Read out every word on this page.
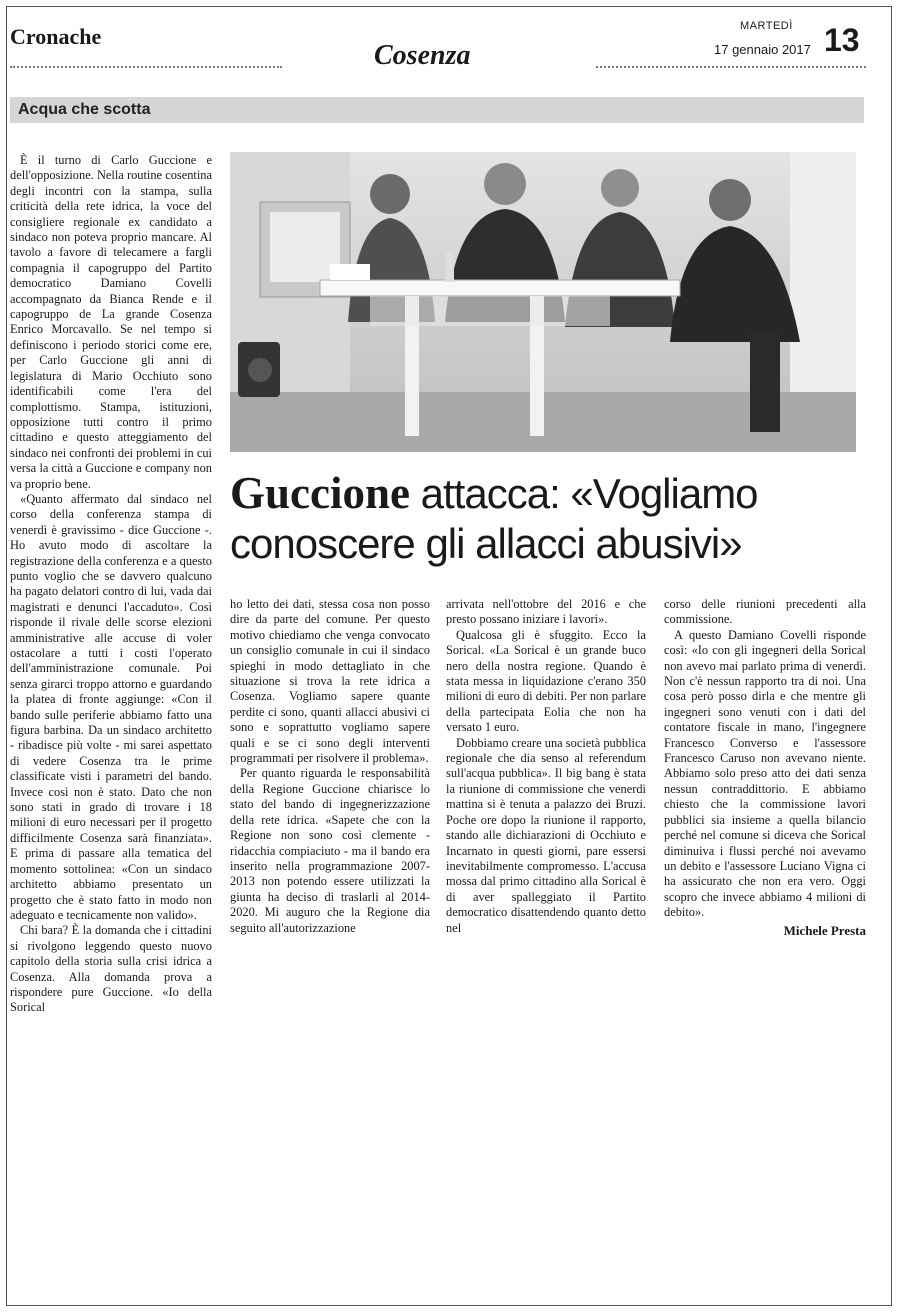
Cronache
Cosenza
MARTEDÌ
17 gennaio 2017 13
Acqua che scotta
Guccione attacca: «Vogliamo conoscere gli allacci abusivi»

È il turno di Carlo Guccione e dell'opposizione. Nella routine cosentina degli incontri con la stampa, sulla criticità della rete idrica, la voce del consigliere regionale ex candidato a sindaco non poteva proprio mancare. Al tavolo a favore di telecamere a fargli compagnia il capogruppo del Partito democratico Damiano Covelli accompagnato da Bianca Rende e il capogruppo de La grande Cosenza Enrico Morcavallo. Se nel tempo si definiscono i periodo storici come ere, per Carlo Guccione gli anni di legislatura di Mario Occhiuto sono identificabili come l'era del complottismo. Stampa, istituzioni, opposizione tutti contro il primo cittadino e questo atteggiamento del sindaco nei confronti dei problemi in cui versa la città a Guccione e company non va proprio bene.

«Quanto affermato dal sindaco nel corso della conferenza stampa di venerdì è gravissimo - dice Guccione -. Ho avuto modo di ascoltare la registrazione della conferenza e a questo punto voglio che se davvero qualcuno ha pagato delatori contro di lui, vada dai magistrati e denunci l'accaduto». Così risponde il rivale delle scorse elezioni amministrative alle accuse di voler ostacolare a tutti i costi l'operato dell'amministrazione comunale. Poi senza girarci troppo attorno e guardando la platea di fronte aggiunge: «Con il bando sulle periferie abbiamo fatto una figura barbina. Da un sindaco architetto - ribadisce più volte - mi sarei aspettato di vedere Cosenza tra le prime classificate visti i parametri del bando. Invece così non è stato. Dato che non sono stati in grado di trovare i 18 milioni di euro necessari per il progetto difficilmente Cosenza sarà finanziata». E prima di passare alla tematica del momento sottolinea: «Con un sindaco architetto abbiamo presentato un progetto che è stato fatto in modo non adeguato e tecnicamente non valido».

Chi bara? È la domanda che i cittadini si rivolgono leggendo questo nuovo capitolo della storia sulla crisi idrica a Cosenza. Alla domanda prova a rispondere pure Guccione. «Io della Sorical

ho letto dei dati, stessa cosa non posso dire da parte del comune. Per questo motivo chiediamo che venga convocato un consiglio comunale in cui il sindaco spieghi in modo dettagliato in che situazione si trova la rete idrica a Cosenza. Vogliamo sapere quante perdite ci sono, quanti allacci abusivi ci sono e soprattutto vogliamo sapere quali e se ci sono degli interventi programmati per risolvere il problema».

Per quanto riguarda le responsabilità della Regione Guccione chiarisce lo stato del bando di ingegnerizzazione della rete idrica. «Sapete che con la Regione non sono così clemente - ridacchia compiaciuto - ma il bando era inserito nella programmazione 2007-2013 non potendo essere utilizzati la giunta ha deciso di traslarli al 2014-2020. Mi auguro che la Regione dia seguito all'autorizzazione

arrivata nell'ottobre del 2016 e che presto possano iniziare i lavori».

Qualcosa gli è sfuggito. Ecco la Sorical. «La Sorical è un grande buco nero della nostra regione. Quando è stata messa in liquidazione c'erano 350 milioni di euro di debiti. Per non parlare della partecipata Eolia che non ha versato 1 euro.

Dobbiamo creare una società pubblica regionale che dia senso al referendum sull'acqua pubblica». Il big bang è stata la riunione di commissione che venerdì mattina si è tenuta a palazzo dei Bruzi. Poche ore dopo la riunione il rapporto, stando alle dichiarazioni di Occhiuto e Incarnato in questi giorni, pare essersi inevitabilmente compromesso. L'accusa mossa dal primo cittadino alla Sorical è di aver spalleggiato il Partito democratico disattendendo quanto detto nel

corso delle riunioni precedenti alla commissione.

A questo Damiano Covelli risponde così: «Io con gli ingegneri della Sorical non avevo mai parlato prima di venerdì. Non c'è nessun rapporto tra di noi. Una cosa però posso dirla e che mentre gli ingegneri sono venuti con i dati del contatore fiscale in mano, l'ingegnere Francesco Converso e l'assessore Francesco Caruso non avevano niente. Abbiamo solo preso atto dei dati senza nessun contraddittorio. E abbiamo chiesto che la commissione lavori pubblici sia insieme a quella bilancio perché nel comune si diceva che Sorical diminuiva i flussi perché noi avevamo un debito e l'assessore Luciano Vigna ci ha assicurato che non era vero. Oggi scopro che invece abbiamo 4 milioni di debito».

Michele Presta
